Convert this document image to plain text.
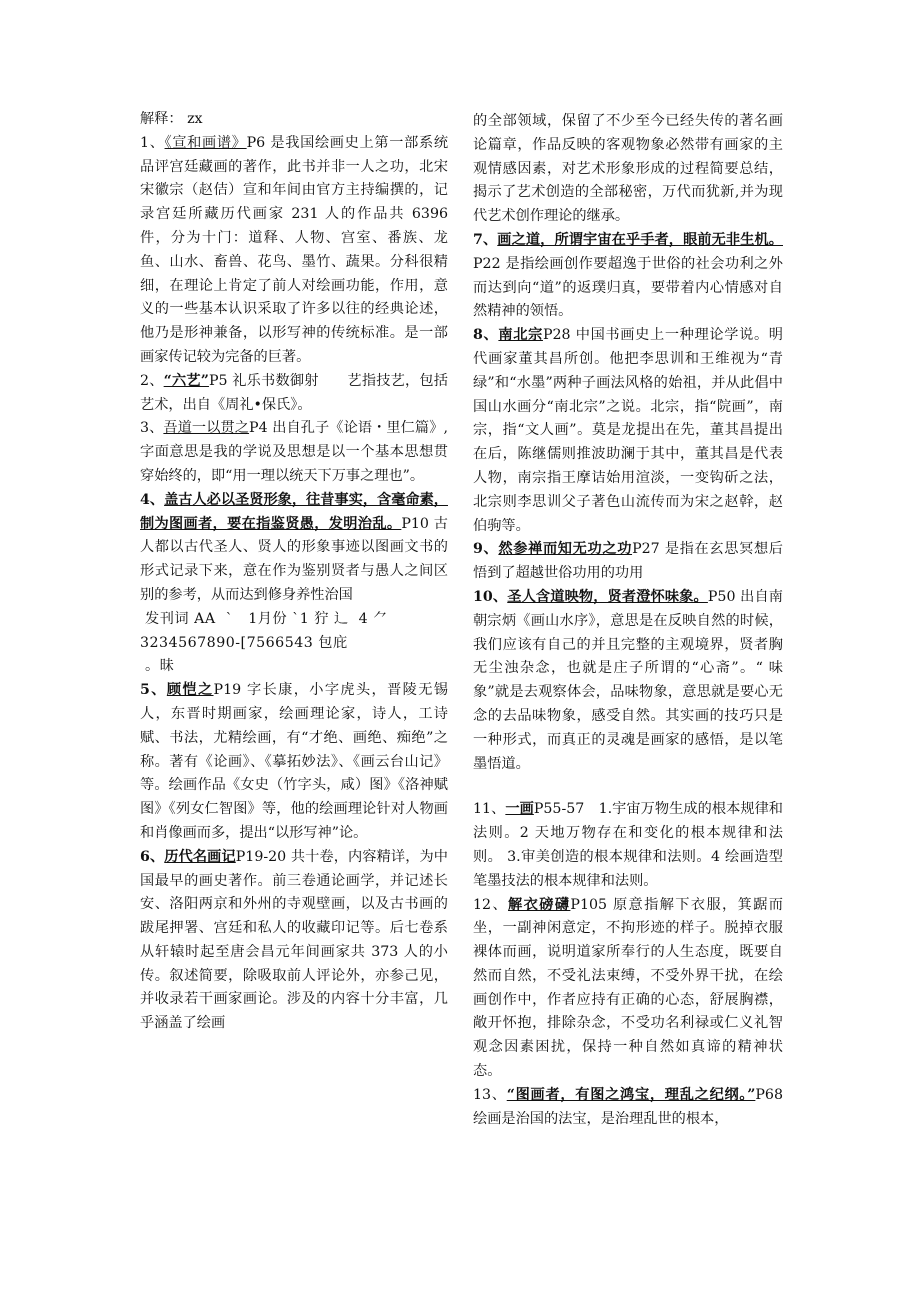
解释： zx

1、《宣和画谱》P6 是我国绘画史上第一部系统品评宫廷藏画的著作，此书并非一人之功，北宋宋徽宗（赵佶）宣和年间由官方主持编撰的，记录宫廷所藏历代画家 231 人的作品共 6396 件，分为十门：道释、人物、宫室、番族、龙鱼、山水、畜兽、花鸟、墨竹、蔬果。分科很精细，在理论上肯定了前人对绘画功能，作用，意义的一些基本认识采取了许多以往的经典论述，他乃是形神兼备，以形写神的传统标准。是一部画家传记较为完备的巨著。

2、“六艺”P5 礼乐书数御射　　艺指技艺，包括艺术，出自《周礼•保氏》。

3、吾道一以贯之P4 出自孔子《论语・里仁篇》,字面意思是我的学说及思想是以一个基本思想贯穿始终的，即“用一理以统天下万事之理也”。

4、盖古人必以圣贤形象，往昔事实，含毫命素，制为图画者，要在指鉴贤愚，发明治乱。P10 古人都以古代圣人、贤人的形象事迹以图画文书的形式记录下来，意在作为鉴别贤者与愚人之间区别的参考，从而达到修身养性治国

发刊词 AA  `   1月份 `1 狞 辶  4 ⺈

3234567890-[7566543 包庇

。昧

5、顾恺之P19 字长康，小字虎头，晋陵无锡人，东晋时期画家，绘画理论家，诗人，工诗赋、书法，尤精绘画，有“才绝、画绝、痴绝”之称。著有《论画》、《摹拓妙法》、《画云台山记》等。绘画作品《女史（竹字头，咸）图》《洛神赋图》《列女仁智图》等，他的绘画理论针对人物画和肖像画而多，提出“以形写神”论。

6、历代名画记P19-20 共十卷，内容精详，为中国最早的画史著作。前三卷通论画学，并记述长安、洛阳两京和外州的寺观壁画，以及古书画的跋尾押署、宫廷和私人的收藏印记等。后七卷系从轩辕时起至唐会昌元年间画家共 373 人的小传。叙述简要，除吸取前人评论外，亦参己见，并收录若干画家画论。涉及的内容十分丰富，几乎涵盖了绘画

的全部领域，保留了不少至今已经失传的著名画论篇章，作品反映的客观物象必然带有画家的主观情感因素，对艺术形象形成的过程简要总结，揭示了艺术创造的全部秘密，万代而犹新,并为现代艺术创作理论的继承。

7、画之道，所谓宇宙在乎手者，眼前无非生机。P22 是指绘画创作要超逸于世俗的社会功利之外而达到向“道”的返璞归真，要带着内心情感对自然精神的领悟。

8、南北宗P28 中国书画史上一种理论学说。明代画家董其昌所创。他把李思训和王维视为“青绿”和“水墨”两种子画法风格的始祖，并从此倡中国山水画分“南北宗”之说。北宗，指“院画”，南宗，指“文人画”。莫是龙提出在先，董其昌提出在后，陈继儒则推波助澜于其中，董其昌是代表人物，南宗指王摩诘始用渲淡，一变钩斫之法，北宗则李思训父子著色山流传而为宋之赵幹，赵伯驹等。

9、然参禅而知无功之功P27 是指在玄思冥想后悟到了超越世俗功用的功用

10、圣人含道映物，贤者澄怀味象。P50 出自南朝宗炳《画山水序》，意思是在反映自然的时候，我们应该有自己的并且完整的主观境界，贤者胸无尘浊杂念，也就是庄子所谓的“心斋”。“ 味象”就是去观察体会，品味物象，意思就是要心无念的去品味物象，感受自然。其实画的技巧只是一种形式，而真正的灵魂是画家的感悟，是以笔墨悟道。

11、一画P55-57　1.宇宙万物生成的根本规律和法则。2 天地万物存在和变化的根本规律和法则。 3.审美创造的根本规律和法则。4 绘画造型笔墨技法的根本规律和法则。

12、解衣磅礴P105 原意指解下衣服，箕踞而坐，一副神闲意定，不拘形迹的样子。脱掉衣服裸体而画，说明道家所奉行的人生态度，既要自然而自然，不受礼法束缚，不受外界干扰，在绘画创作中，作者应持有正确的心态，舒展胸襟，敞开怀抱，排除杂念，不受功名利禄或仁义礼智观念因素困扰，保持一种自然如真谛的精神状态。

13、“图画者，有图之鸿宝，理乱之纪纲。”P68 绘画是治国的法宝，是治理乱世的根本，
